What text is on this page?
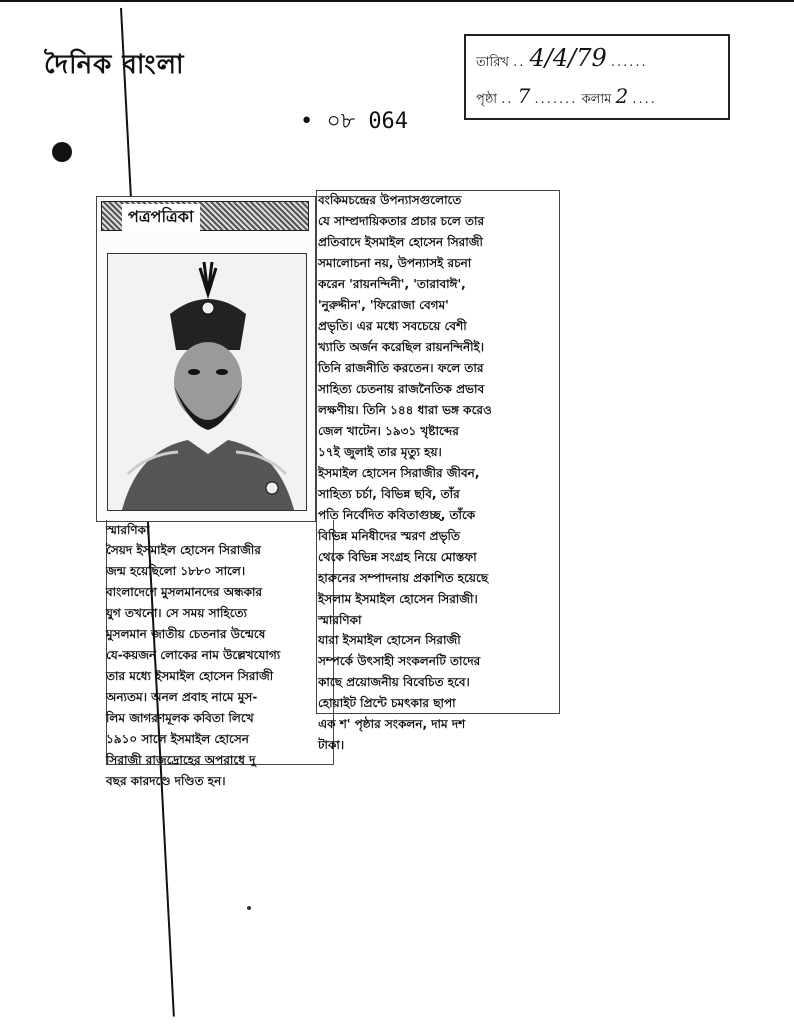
দৈনিক বাংলা
• ০৮ 064
তারিখ .. 4/4/79 ......
পৃষ্ঠা .. 7 ....... কলাম 2 ....
পত্রপত্রিকা
স্মারণিকা
সৈয়দ ইসমাইল হোসেন সিরাজীর
জন্ম হয়েছিলো ১৮৮০ সালে।
বাংলাদেশে মুসলমানদের অন্ধকার
যুগ তখনো। সে সময় সাহিত্যে
মুসলমান জাতীয় চেতনার উন্মেষে
যে-কয়জন লোকের নাম উল্লেখযোগ্য
তার মধ্যে ইসমাইল হোসেন সিরাজী
অন্যতম। অনল প্রবাহ নামে মুস-
লিম জাগরণমূলক কবিতা লিখে
১৯১০ সালে ইসমাইল হোসেন
সিরাজী রাজদ্রোহের অপরাধে দু
বছর কারদণ্ডে দণ্ডিত হন।
বংকিমচন্দ্রের উপন্যাসগুলোতে
যে সাম্প্রদায়িকতার প্রচার চলে তার
প্রতিবাদে ইসমাইল হোসেন সিরাজী
সমালোচনা নয়, উপন্যাসই রচনা
করেন 'রায়নন্দিনী', 'তারাবাঈ',
'নুরুদ্দীন', 'ফিরোজা বেগম'
প্রভৃতি। এর মধ্যে সবচেয়ে বেশী
খ্যাতি অর্জন করেছিল রায়নন্দিনীই।
তিনি রাজনীতি করতেন। ফলে তার
সাহিত্য চেতনায় রাজনৈতিক প্রভাব
লক্ষণীয়। তিনি ১৪৪ ধারা ভঙ্গ করেও
জেল খাটেন। ১৯৩১ খৃষ্টাব্দের
১৭ই জুলাই তার মৃত্যু হয়।
ইসমাইল হোসেন সিরাজীর জীবন,
সাহিত্য চর্চা, বিভিন্ন ছবি, তাঁর
পতি নির্বেদিত কবিতাগুচ্ছ, তাঁকে
বিভিন্ন মনিষীদের স্মরণ প্রভৃতি
থেকে বিভিন্ন সংগ্রহ নিয়ে মোস্তফা
হারুনের সম্পাদনায় প্রকাশিত হয়েছে
ইসলাম ইসমাইল হোসেন সিরাজী।
স্মারণিকা
যারা ইসমাইল হোসেন সিরাজী
সম্পর্কে উৎসাহী সংকলনটি তাদের
কাছে প্রয়োজনীয় বিবেচিত হবে।
হোয়াইট প্রিন্টে চমৎকার ছাপা
এক শ' পৃষ্ঠার সংকলন, দাম দশ
টাকা।
